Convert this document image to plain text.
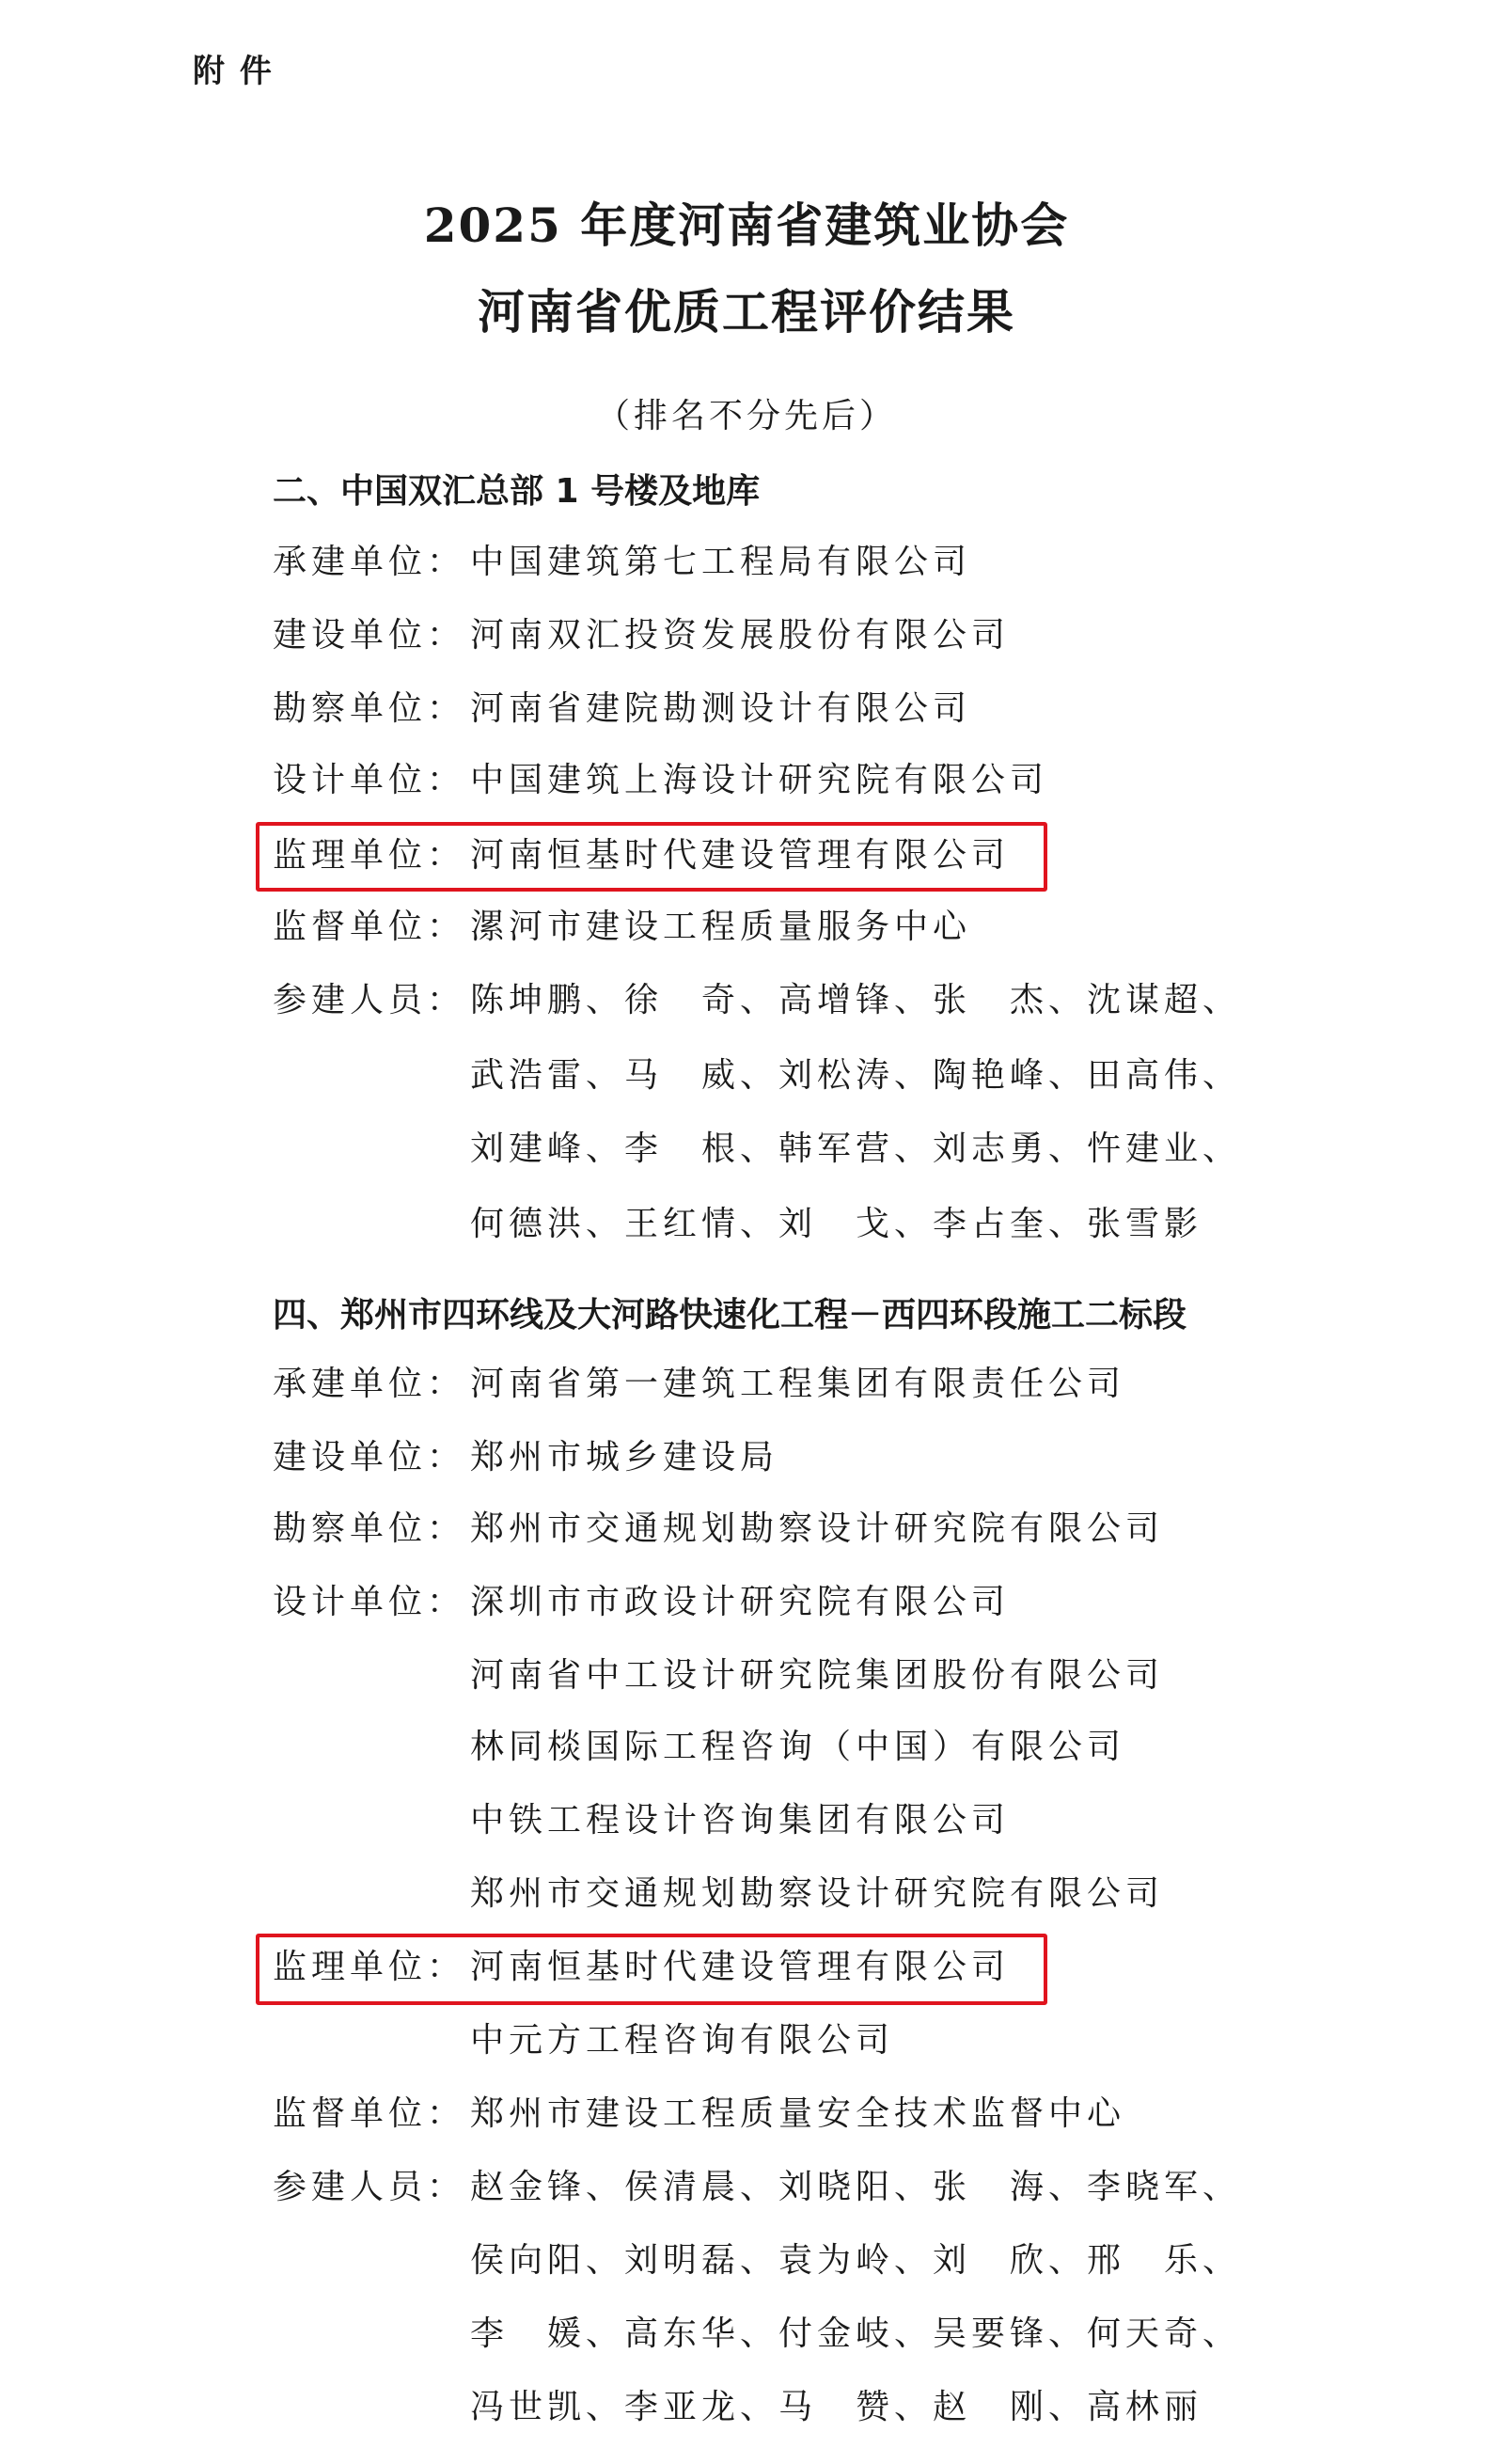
附 件
2025 年度河南省建筑业协会
河南省优质工程评价结果
（排名不分先后）
二、中国双汇总部 1 号楼及地库
承建单位： 中国建筑第七工程局有限公司
建设单位： 河南双汇投资发展股份有限公司
勘察单位： 河南省建院勘测设计有限公司
设计单位： 中国建筑上海设计研究院有限公司
监理单位： 河南恒基时代建设管理有限公司
监督单位： 漯河市建设工程质量服务中心
参建人员： 陈坤鹏、徐　奇、高增锋、张　杰、沈谋超、
武浩雷、马　威、刘松涛、陶艳峰、田高伟、
刘建峰、李　根、韩军营、刘志勇、忤建业、
何德洪、王红情、刘　戈、李占奎、张雪影
四、郑州市四环线及大河路快速化工程－西四环段施工二标段
承建单位： 河南省第一建筑工程集团有限责任公司
建设单位： 郑州市城乡建设局
勘察单位： 郑州市交通规划勘察设计研究院有限公司
设计单位： 深圳市市政设计研究院有限公司
河南省中工设计研究院集团股份有限公司
林同棪国际工程咨询（中国）有限公司
中铁工程设计咨询集团有限公司
郑州市交通规划勘察设计研究院有限公司
监理单位： 河南恒基时代建设管理有限公司
中元方工程咨询有限公司
监督单位： 郑州市建设工程质量安全技术监督中心
参建人员： 赵金锋、侯清晨、刘晓阳、张　海、李晓军、
侯向阳、刘明磊、袁为岭、刘　欣、邢　乐、
李　媛、高东华、付金岐、吴要锋、何天奇、
冯世凯、李亚龙、马　赞、赵　刚、高林丽
